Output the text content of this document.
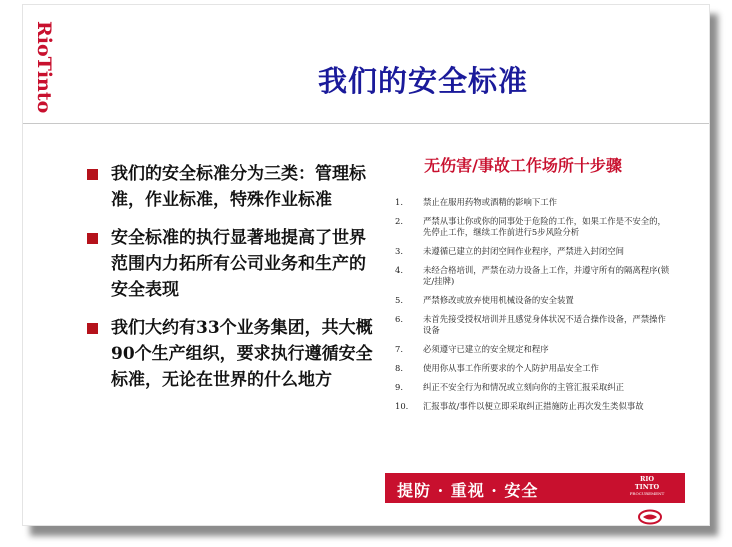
RioTinto	我们的安全标准
我们的安全标准分为三类：管理标准，作业标准，特殊作业标准
安全标准的执行显著地提高了世界范围内力拓所有公司业务和生产的安全表现
我们大约有33个业务集团，共大概90个生产组织，要求执行遵循安全标准，无论在世界的什么地方
无伤害/事故工作场所十步骤
1.	禁止在服用药物或酒精的影响下工作
2.	严禁从事让你或你的同事处于危险的工作，如果工作是不安全的，先停止工作，继续工作前进行5步风险分析
3.	未遵循已建立的封闭空间作业程序，严禁进入封闭空间
4.	未经合格培训，严禁在动力设备上工作，并遵守所有的隔离程序(锁定/挂牌)
5.	严禁修改或放弃使用机械设备的安全装置
6.	未首先接受授权培训并且感觉身体状况不适合操作设备，严禁操作设备
7.	必须遵守已建立的安全规定和程序
8.	使用你从事工作所要求的个人防护用品安全工作
9.	纠正不安全行为和情况或立刻向你的主管汇报采取纠正
10.	汇报事故/事件以便立即采取纠正措施防止再次发生类似事故
提防 · 重视 · 安全
RIO
TINTO
PROCUREMENT
